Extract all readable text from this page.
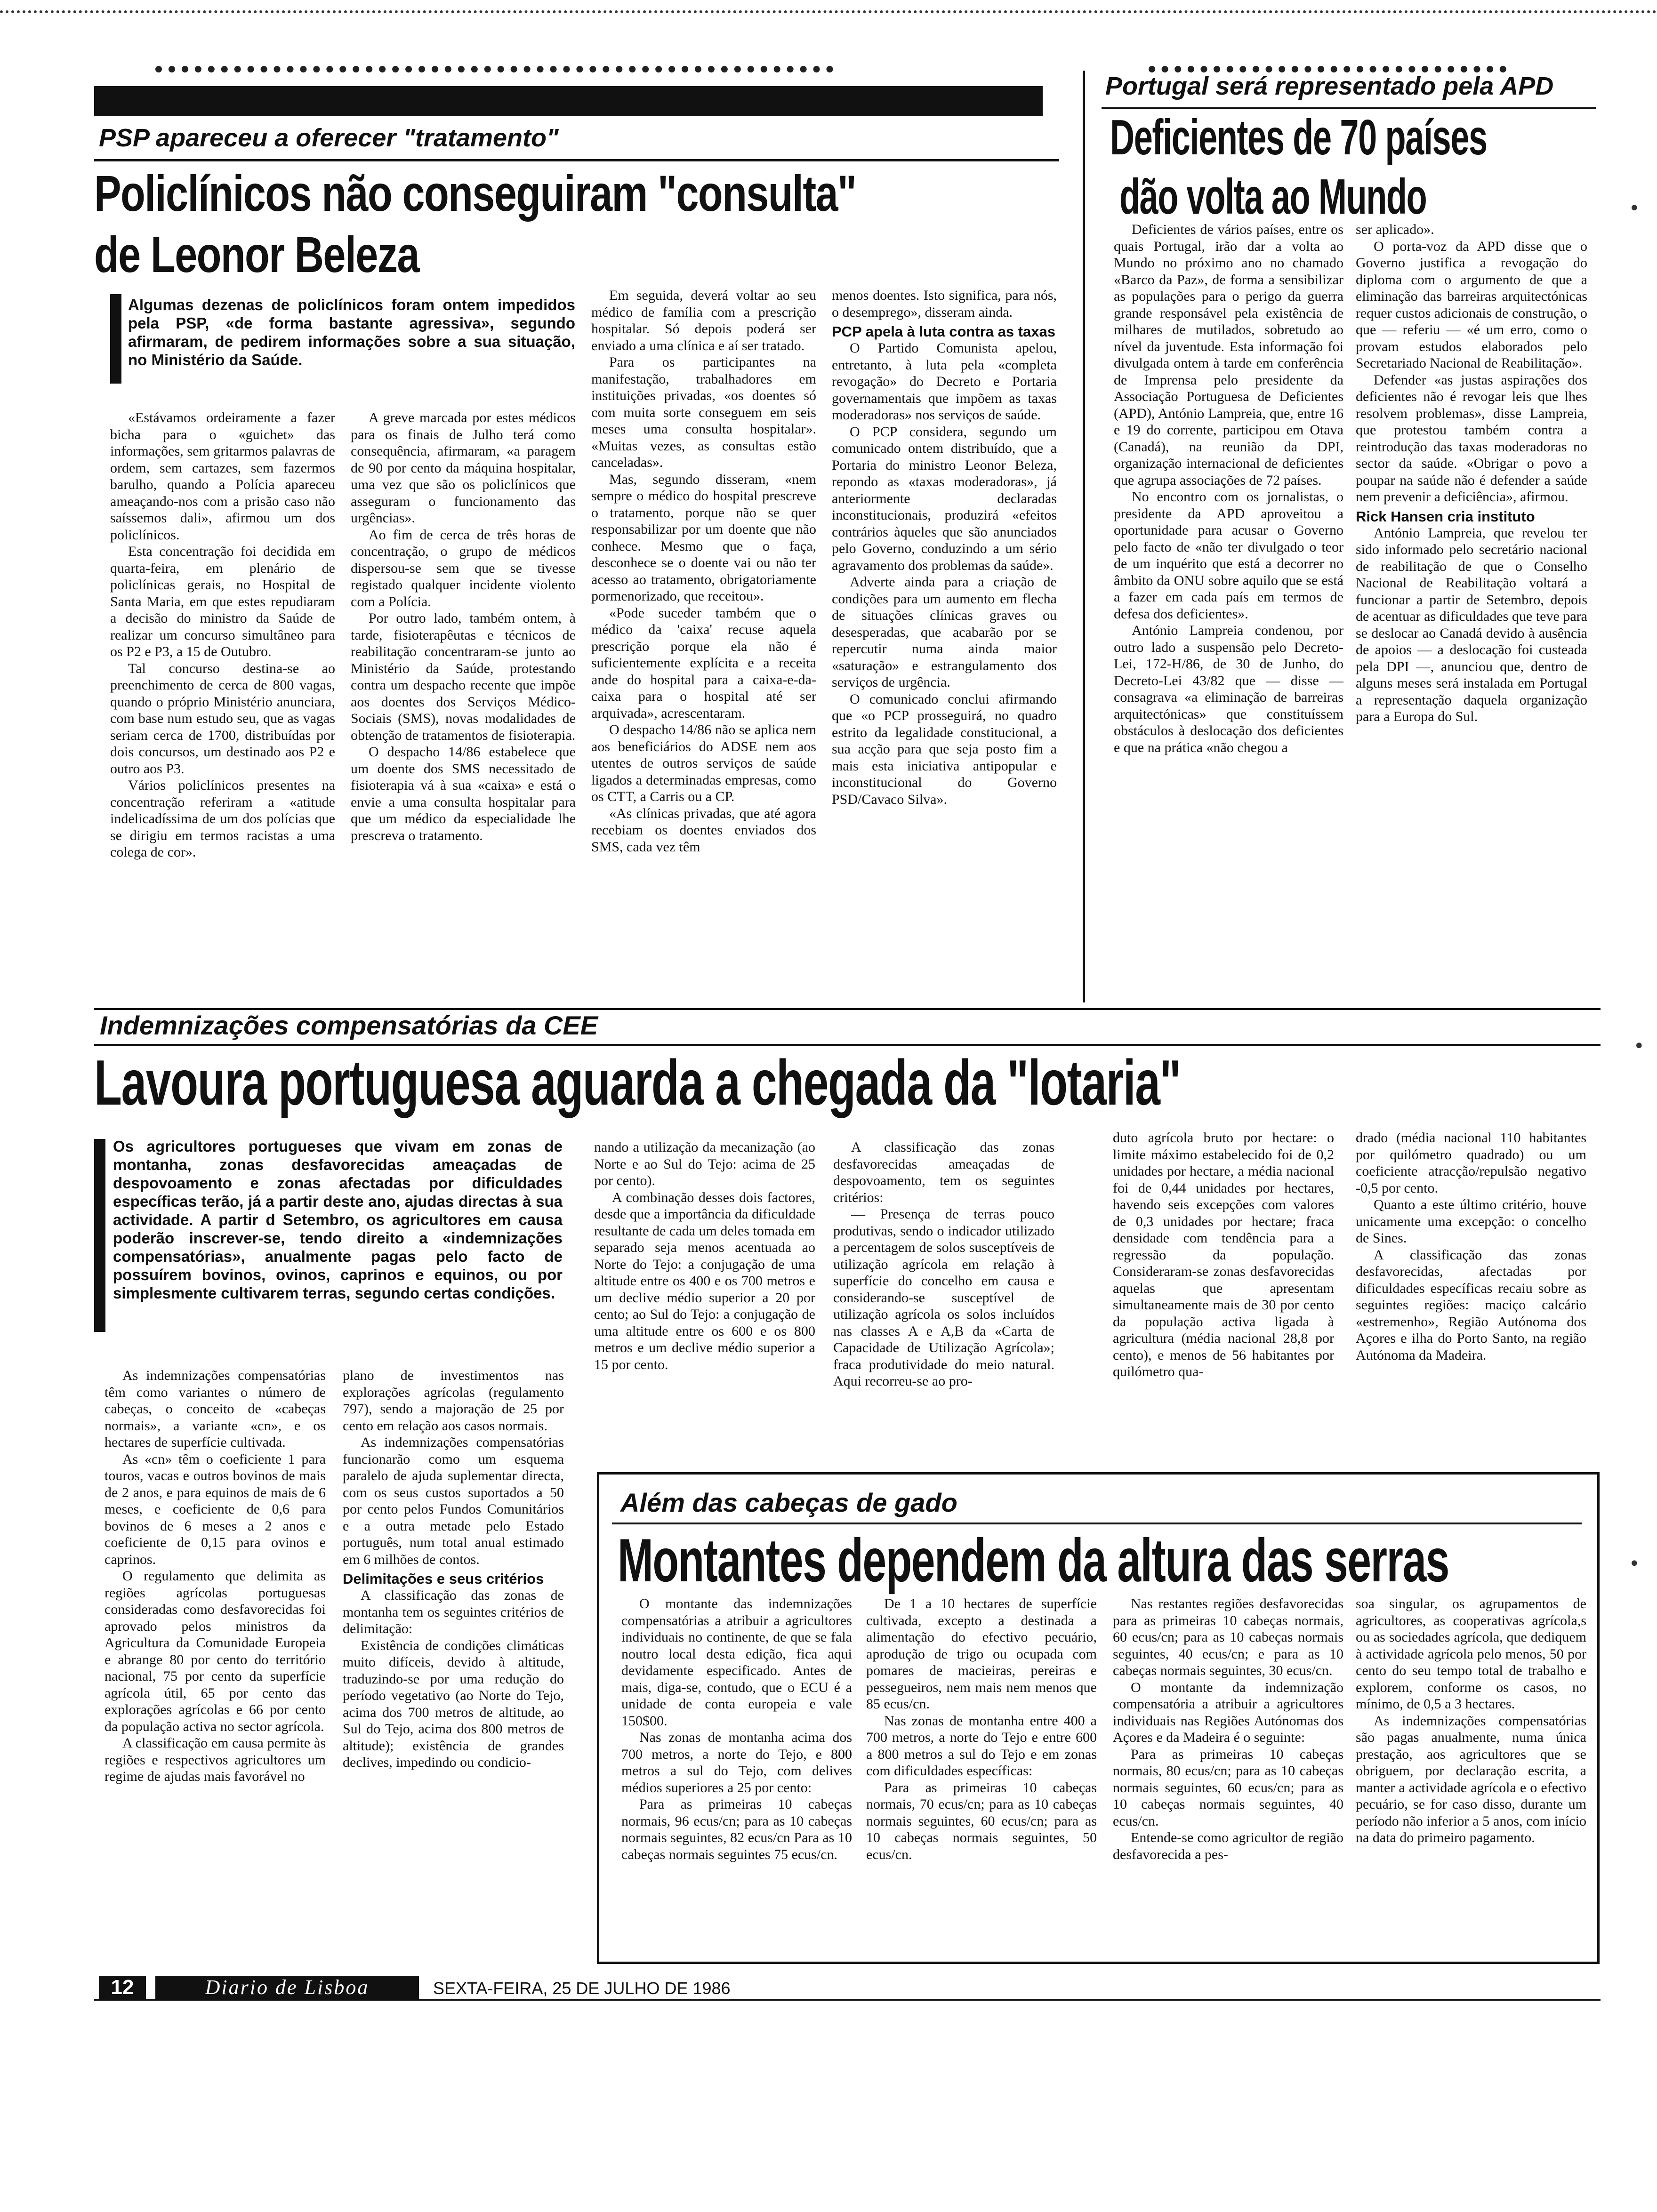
PSP apareceu a oferecer "tratamento"
Policlínicos não conseguiram "consulta"
de Leonor Beleza
Algumas dezenas de policlínicos foram ontem impedidos pela PSP, «de forma bastante agressiva», segundo afirmaram, de pedirem informações sobre a sua situação, no Ministério da Saúde.

«Estávamos ordeiramente a fazer bicha para o «guichet» das informações, sem gritarmos palavras de ordem, sem cartazes, sem fazermos barulho, quando a Polícia apareceu ameaçando-nos com a prisão caso não saíssemos dali», afirmou um dos policlínicos.

Esta concentração foi decidida em quarta-feira, em plenário de policlínicas gerais, no Hospital de Santa Maria, em que estes repudiaram a decisão do ministro da Saúde de realizar um concurso simultâneo para os P2 e P3, a 15 de Outubro.

Tal concurso destina-se ao preenchimento de cerca de 800 vagas, quando o próprio Ministério anunciara, com base num estudo seu, que as vagas seriam cerca de 1700, distribuídas por dois concursos, um destinado aos P2 e outro aos P3.

Vários policlínicos presentes na concentração referiram a «atitude indelicadíssima de um dos polícias que se dirigiu em termos racistas a uma colega de cor».

A greve marcada por estes médicos para os finais de Julho terá como consequência, afirmaram, «a paragem de 90 por cento da máquina hospitalar, uma vez que são os policlínicos que asseguram o funcionamento das urgências».

Ao fim de cerca de três horas de concentração, o grupo de médicos dispersou-se sem que se tivesse registado qualquer incidente violento com a Polícia.

Por outro lado, também ontem, à tarde, fisioterapêutas e técnicos de reabilitação concentraram-se junto ao Ministério da Saúde, protestando contra um despacho recente que impõe aos doentes dos Serviços Médico-Sociais (SMS), novas modalidades de obtenção de tratamentos de fisioterapia.

O despacho 14/86 estabelece que um doente dos SMS necessitado de fisioterapia vá à sua «caixa» e está o envie a uma consulta hospitalar para que um médico da especialidade lhe prescreva o tratamento.

Em seguida, deverá voltar ao seu médico de família com a prescrição hospitalar. Só depois poderá ser enviado a uma clínica e aí ser tratado.

Para os participantes na manifestação, trabalhadores em instituições privadas, «os doentes só com muita sorte conseguem em seis meses uma consulta hospitalar». «Muitas vezes, as consultas estão canceladas».

Mas, segundo disseram, «nem sempre o médico do hospital prescreve o tratamento, porque não se quer responsabilizar por um doente que não conhece. Mesmo que o faça, desconhece se o doente vai ou não ter acesso ao tratamento, obrigatoriamente pormenorizado, que receitou».

«Pode suceder também que o médico da 'caixa' recuse aquela prescrição porque ela não é suficientemente explícita e a receita ande do hospital para a caixa-e-da-caixa para o hospital até ser arquivada», acrescentaram.

O despacho 14/86 não se aplica nem aos beneficiários do ADSE nem aos utentes de outros serviços de saúde ligados a determinadas empresas, como os CTT, a Carris ou a CP.

«As clínicas privadas, que até agora recebiam os doentes enviados dos SMS, cada vez têm

menos doentes. Isto significa, para nós, o desemprego», disseram ainda.

PCP apela à luta contra as taxas

O Partido Comunista apelou, entretanto, à luta pela «completa revogação» do Decreto e Portaria governamentais que impõem as taxas moderadoras» nos serviços de saúde.

O PCP considera, segundo um comunicado ontem distribuído, que a Portaria do ministro Leonor Beleza, repondo as «taxas moderadoras», já anteriormente declaradas inconstitucionais, produzirá «efeitos contrários àqueles que são anunciados pelo Governo, conduzindo a um sério agravamento dos problemas da saúde».

Adverte ainda para a criação de condições para um aumento em flecha de situações clínicas graves ou desesperadas, que acabarão por se repercutir numa ainda maior «saturação» e estrangulamento dos serviços de urgência.

O comunicado conclui afirmando que «o PCP prosseguirá, no quadro estrito da legalidade constitucional, a sua acção para que seja posto fim a mais esta iniciativa antipopular e inconstitucional do Governo PSD/Cavaco Silva».

Portugal será representado pela APD
Deficientes de 70 países
dão volta ao Mundo

Deficientes de vários países, entre os quais Portugal, irão dar a volta ao Mundo no próximo ano no chamado «Barco da Paz», de forma a sensibilizar as populações para o perigo da guerra grande responsável pela existência de milhares de mutilados, sobretudo ao nível da juventude. Esta informação foi divulgada ontem à tarde em conferência de Imprensa pelo presidente da Associação Portuguesa de Deficientes (APD), António Lampreia, que, entre 16 e 19 do corrente, participou em Otava (Canadá), na reunião da DPI, organização internacional de deficientes que agrupa associações de 72 países.

No encontro com os jornalistas, o presidente da APD aproveitou a oportunidade para acusar o Governo pelo facto de «não ter divulgado o teor de um inquérito que está a decorrer no âmbito da ONU sobre aquilo que se está a fazer em cada país em termos de defesa dos deficientes».

António Lampreia condenou, por outro lado a suspensão pelo Decreto-Lei, 172-H/86, de 30 de Junho, do Decreto-Lei 43/82 que — disse — consagrava «a eliminação de barreiras arquitectónicas» que constituíssem obstáculos à deslocação dos deficientes e que na prática «não chegou a

ser aplicado».

O porta-voz da APD disse que o Governo justifica a revogação do diploma com o argumento de que a eliminação das barreiras arquitectónicas requer custos adicionais de construção, o que — referiu — «é um erro, como o provam estudos elaborados pelo Secretariado Nacional de Reabilitação».

Defender «as justas aspirações dos deficientes não é revogar leis que lhes resolvem problemas», disse Lampreia, que protestou também contra a reintrodução das taxas moderadoras no sector da saúde. «Obrigar o povo a poupar na saúde não é defender a saúde nem prevenir a deficiência», afirmou.

Rick Hansen cria instituto

António Lampreia, que revelou ter sido informado pelo secretário nacional de reabilitação de que o Conselho Nacional de Reabilitação voltará a funcionar a partir de Setembro, depois de acentuar as dificuldades que teve para se deslocar ao Canadá devido à ausência de apoios — a deslocação foi custeada pela DPI —, anunciou que, dentro de alguns meses será instalada em Portugal a representação daquela organização para a Europa do Sul.

Indemnizações compensatórias da CEE
Lavoura portuguesa aguarda a chegada da "lotaria"
Os agricultores portugueses que vivam em zonas de montanha, zonas desfavorecidas ameaçadas de despovoamento e zonas afectadas por dificuldades específicas terão, já a partir deste ano, ajudas directas à sua actividade. A partir d Setembro, os agricultores em causa poderão inscrever-se, tendo direito a «indemnizações compensatórias», anualmente pagas pelo facto de possuírem bovinos, ovinos, caprinos e equinos, ou por simplesmente cultivarem terras, segundo certas condições.

As indemnizações compensatórias têm como variantes o número de cabeças, o conceito de «cabeças normais», a variante «cn», e os hectares de superfície cultivada.

As «cn» têm o coeficiente 1 para touros, vacas e outros bovinos de mais de 2 anos, e para equinos de mais de 6 meses, e coeficiente de 0,6 para bovinos de 6 meses a 2 anos e coeficiente de 0,15 para ovinos e caprinos.

O regulamento que delimita as regiões agrícolas portuguesas consideradas como desfavorecidas foi aprovado pelos ministros da Agricultura da Comunidade Europeia e abrange 80 por cento do território nacional, 75 por cento da superfície agrícola útil, 65 por cento das explorações agrícolas e 66 por cento da população activa no sector agrícola.

A classificação em causa permite às regiões e respectivos agricultores um regime de ajudas mais favorável no

plano de investimentos nas explorações agrícolas (regulamento 797), sendo a majoração de 25 por cento em relação aos casos normais.

As indemnizações compensatórias funcionarão como um esquema paralelo de ajuda suplementar directa, com os seus custos suportados a 50 por cento pelos Fundos Comunitários e a outra metade pelo Estado português, num total anual estimado em 6 milhões de contos.

Delimitações e seus critérios

A classificação das zonas de montanha tem os seguintes critérios de delimitação:

Existência de condições climáticas muito difíceis, devido à altitude, traduzindo-se por uma redução do período vegetativo (ao Norte do Tejo, acima dos 700 metros de altitude, ao Sul do Tejo, acima dos 800 metros de altitude); existência de grandes declives, impedindo ou condicio-

nando a utilização da mecanização (ao Norte e ao Sul do Tejo: acima de 25 por cento).

A combinação desses dois factores, desde que a importância da dificuldade resultante de cada um deles tomada em separado seja menos acentuada ao Norte do Tejo: a conjugação de uma altitude entre os 400 e os 700 metros e um declive médio superior a 20 por cento; ao Sul do Tejo: a conjugação de uma altitude entre os 600 e os 800 metros e um declive médio superior a 15 por cento.

A classificação das zonas desfavorecidas ameaçadas de despovoamento, tem os seguintes critérios:

— Presença de terras pouco produtivas, sendo o indicador utilizado a percentagem de solos susceptíveis de utilização agrícola em relação à superfície do concelho em causa e considerando-se susceptível de utilização agrícola os solos incluídos nas classes A e A,B da «Carta de Capacidade de Utilização Agrícola»; fraca produtividade do meio natural. Aqui recorreu-se ao pro-

duto agrícola bruto por hectare: o limite máximo estabelecido foi de 0,2 unidades por hectare, a média nacional foi de 0,44 unidades por hectares, havendo seis excepções com valores de 0,3 unidades por hectare; fraca densidade com tendência para a regressão da população. Consideraram-se zonas desfavorecidas aquelas que apresentam simultaneamente mais de 30 por cento da população activa ligada à agricultura (média nacional 28,8 por cento), e menos de 56 habitantes por quilómetro qua-

drado (média nacional 110 habitantes por quilómetro quadrado) ou um coeficiente atracção/repulsão negativo -0,5 por cento.

Quanto a este último critério, houve unicamente uma excepção: o concelho de Sines.

A classificação das zonas desfavorecidas, afectadas por dificuldades específicas recaiu sobre as seguintes regiões: maciço calcário «estremenho», Região Autónoma dos Açores e ilha do Porto Santo, na região Autónoma da Madeira.

Além das cabeças de gado
Montantes dependem da altura das serras

O montante das indemnizações compensatórias a atribuir a agricultores individuais no continente, de que se fala noutro local desta edição, fica aqui devidamente especificado. Antes de mais, diga-se, contudo, que o ECU é a unidade de conta europeia e vale 150$00.

Nas zonas de montanha acima dos 700 metros, a norte do Tejo, e 800 metros a sul do Tejo, com delives médios superiores a 25 por cento:

Para as primeiras 10 cabeças normais, 96 ecus/cn; para as 10 cabeças normais seguintes, 82 ecus/cn Para as 10 cabeças normais seguintes 75 ecus/cn.

De 1 a 10 hectares de superfície cultivada, excepto a destinada a alimentação do efectivo pecuário, aprodução de trigo ou ocupada com pomares de macieiras, pereiras e pessegueiros, nem mais nem menos que 85 ecus/cn.

Nas zonas de montanha entre 400 a 700 metros, a norte do Tejo e entre 600 a 800 metros a sul do Tejo e em zonas com dificuldades específicas:

Para as primeiras 10 cabeças normais, 70 ecus/cn; para as 10 cabeças normais seguintes, 60 ecus/cn; para as 10 cabeças normais seguintes, 50 ecus/cn.

Nas restantes regiões desfavorecidas para as primeiras 10 cabeças normais, 60 ecus/cn; para as 10 cabeças normais seguintes, 40 ecus/cn; e para as 10 cabeças normais seguintes, 30 ecus/cn.

O montante da indemnização compensatória a atribuir a agricultores individuais nas Regiões Autónomas dos Açores e da Madeira é o seguinte:

Para as primeiras 10 cabeças normais, 80 ecus/cn; para as 10 cabeças normais seguintes, 60 ecus/cn; para as 10 cabeças normais seguintes, 40 ecus/cn.

Entende-se como agricultor de região desfavorecida a pes-

soa singular, os agrupamentos de agricultores, as cooperativas agrícola,s ou as sociedades agrícola, que dediquem à actividade agrícola pelo menos, 50 por cento do seu tempo total de trabalho e explorem, conforme os casos, no mínimo, de 0,5 a 3 hectares.

As indemnizações compensatórias são pagas anualmente, numa única prestação, aos agricultores que se obriguem, por declaração escrita, a manter a actividade agrícola e o efectivo pecuário, se for caso disso, durante um período não inferior a 5 anos, com início na data do primeiro pagamento.

12	Diario de Lisboa	SEXTA-FEIRA, 25 DE JULHO DE 1986
•
•
•
